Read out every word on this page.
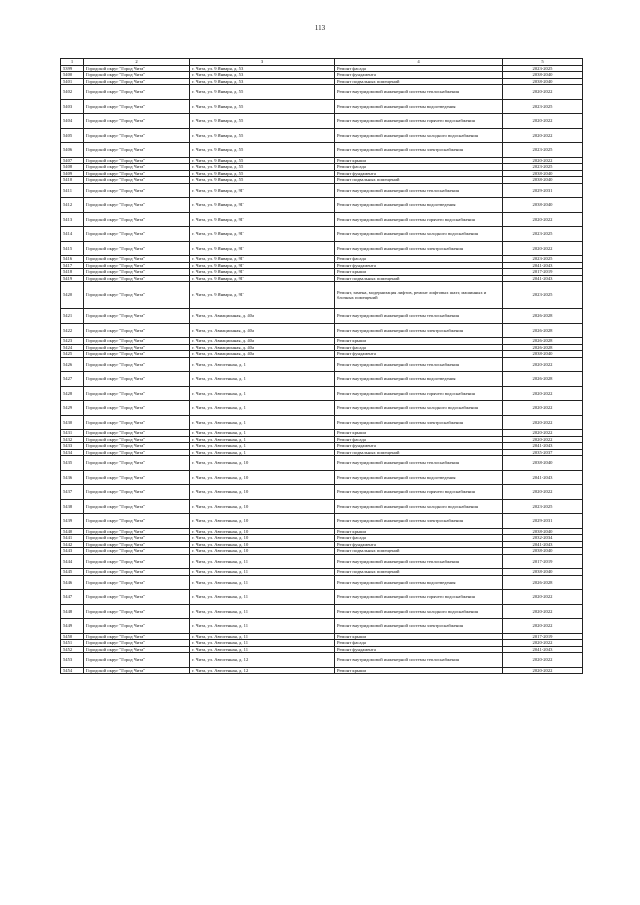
113
1	2	3	4	5
5399	Городской округ "Город Чита"	г. Чита, ул. 9 Января, д. 53	Ремонт фасада	2023-2025
5400	Городской округ "Город Чита"	г. Чита, ул. 9 Января, д. 53	Ремонт фундамента	2038-2040
5401	Городской округ "Город Чита"	г. Чита, ул. 9 Января, д. 53	Ремонт подвальных помещений	2038-2040
5402	Городской округ "Город Чита"	г. Чита, ул. 9 Января, д. 55	Ремонт внутридомовой инженерной системы теплоснабжения	2020-2022
5403	Городской округ "Город Чита"	г. Чита, ул. 9 Января, д. 55	Ремонт внутридомовой инженерной системы водоотведения	2023-2025
5404	Городской округ "Город Чита"	г. Чита, ул. 9 Января, д. 55	Ремонт внутридомовой инженерной системы горячего водоснабжения	2020-2022
5405	Городской округ "Город Чита"	г. Чита, ул. 9 Января, д. 55	Ремонт внутридомовой инженерной системы холодного водоснабжения	2020-2022
5406	Городской округ "Город Чита"	г. Чита, ул. 9 Января, д. 55	Ремонт внутридомовой инженерной системы электроснабжения	2023-2025
5407	Городской округ "Город Чита"	г. Чита, ул. 9 Января, д. 55	Ремонт крыши	2020-2022
5408	Городской округ "Город Чита"	г. Чита, ул. 9 Января, д. 55	Ремонт фасада	2023-2025
5409	Городской округ "Город Чита"	г. Чита, ул. 9 Января, д. 55	Ремонт фундамента	2038-2040
5410	Городской округ "Город Чита"	г. Чита, ул. 9 Января, д. 55	Ремонт подвальных помещений	2038-2040
5411	Городской округ "Город Чита"	г. Чита, ул. 9 Января, д. 9Г	Ремонт внутридомовой инженерной системы теплоснабжения	2029-2031
5412	Городской округ "Город Чита"	г. Чита, ул. 9 Января, д. 9Г	Ремонт внутридомовой инженерной системы водоотведения	2038-2040
5413	Городской округ "Город Чита"	г. Чита, ул. 9 Января, д. 9Г	Ремонт внутридомовой инженерной системы горячего водоснабжения	2020-2022
5414	Городской округ "Город Чита"	г. Чита, ул. 9 Января, д. 9Г	Ремонт внутридомовой инженерной системы холодного водоснабжения	2023-2025
5415	Городской округ "Город Чита"	г. Чита, ул. 9 Января, д. 9Г	Ремонт внутридомовой инженерной системы электроснабжения	2020-2022
5416	Городской округ "Город Чита"	г. Чита, ул. 9 Января, д. 9Г	Ремонт фасада	2023-2025
5417	Городской округ "Город Чита"	г. Чита, ул. 9 Января, д. 9Г	Ремонт фундамента	2041-2043
5418	Городской округ "Город Чита"	г. Чита, ул. 9 Января, д. 9Г	Ремонт крыши	2017-2019
5419	Городской округ "Город Чита"	г. Чита, ул. 9 Января, д. 9Г	Ремонт подвальных помещений	2041-2043
5420	Городской округ "Город Чита"	г. Чита, ул. 9 Января, д. 9Г	Ремонт, замена, модернизация лифтов, ремонт лифтовых шахт, машинных и блочных помещений	2023-2025
5421	Городской округ "Город Чита"	г. Чита, ул. Авиационная, д. 40а	Ремонт внутридомовой инженерной системы теплоснабжения	2026-2028
5422	Городской округ "Город Чита"	г. Чита, ул. Авиационная, д. 40а	Ремонт внутридомовой инженерной системы электроснабжения	2026-2028
5423	Городской округ "Город Чита"	г. Чита, ул. Авиационная, д. 40а	Ремонт крыши	2026-2028
5424	Городской округ "Город Чита"	г. Чита, ул. Авиационная, д. 40а	Ремонт фасада	2026-2028
5425	Городской округ "Город Чита"	г. Чита, ул. Авиационная, д. 40а	Ремонт фундамента	2038-2040
5426	Городской округ "Город Чита"	г. Чита, ул. Автогенная, д. 1	Ремонт внутридомовой инженерной системы теплоснабжения	2020-2022
5427	Городской округ "Город Чита"	г. Чита, ул. Автогенная, д. 1	Ремонт внутридомовой инженерной системы водоотведения	2026-2028
5428	Городской округ "Город Чита"	г. Чита, ул. Автогенная, д. 1	Ремонт внутридомовой инженерной системы горячего водоснабжения	2020-2022
5429	Городской округ "Город Чита"	г. Чита, ул. Автогенная, д. 1	Ремонт внутридомовой инженерной системы холодного водоснабжения	2020-2022
5430	Городской округ "Город Чита"	г. Чита, ул. Автогенная, д. 1	Ремонт внутридомовой инженерной системы электроснабжения	2020-2022
5431	Городской округ "Город Чита"	г. Чита, ул. Автогенная, д. 1	Ремонт крыши	2020-2022
5432	Городской округ "Город Чита"	г. Чита, ул. Автогенная, д. 1	Ремонт фасада	2020-2022
5433	Городской округ "Город Чита"	г. Чита, ул. Автогенная, д. 1	Ремонт фундамента	2041-2043
5434	Городской округ "Город Чита"	г. Чита, ул. Автогенная, д. 1	Ремонт подвальных помещений	2035-2037
5435	Городской округ "Город Чита"	г. Чита, ул. Автогенная, д. 10	Ремонт внутридомовой инженерной системы теплоснабжения	2038-2040
5436	Городской округ "Город Чита"	г. Чита, ул. Автогенная, д. 10	Ремонт внутридомовой инженерной системы водоотведения	2041-2043
5437	Городской округ "Город Чита"	г. Чита, ул. Автогенная, д. 10	Ремонт внутридомовой инженерной системы горячего водоснабжения	2020-2022
5438	Городской округ "Город Чита"	г. Чита, ул. Автогенная, д. 10	Ремонт внутридомовой инженерной системы холодного водоснабжения	2023-2025
5439	Городской округ "Город Чита"	г. Чита, ул. Автогенная, д. 10	Ремонт внутридомовой инженерной системы электроснабжения	2029-2031
5440	Городской округ "Город Чита"	г. Чита, ул. Автогенная, д. 10	Ремонт крыши	2038-2040
5441	Городской округ "Город Чита"	г. Чита, ул. Автогенная, д. 10	Ремонт фасада	2032-2034
5442	Городской округ "Город Чита"	г. Чита, ул. Автогенная, д. 10	Ремонт фундамента	2041-2043
5443	Городской округ "Город Чита"	г. Чита, ул. Автогенная, д. 10	Ремонт подвальных помещений	2038-2040
5444	Городской округ "Город Чита"	г. Чита, ул. Автогенная, д. 11	Ремонт внутридомовой инженерной системы теплоснабжения	2017-2019
5445	Городской округ "Город Чита"	г. Чита, ул. Автогенная, д. 11	Ремонт подвальных помещений	2038-2040
5446	Городской округ "Город Чита"	г. Чита, ул. Автогенная, д. 11	Ремонт внутридомовой инженерной системы водоотведения	2026-2028
5447	Городской округ "Город Чита"	г. Чита, ул. Автогенная, д. 11	Ремонт внутридомовой инженерной системы горячего водоснабжения	2020-2022
5448	Городской округ "Город Чита"	г. Чита, ул. Автогенная, д. 11	Ремонт внутридомовой инженерной системы холодного водоснабжения	2020-2022
5449	Городской округ "Город Чита"	г. Чита, ул. Автогенная, д. 11	Ремонт внутридомовой инженерной системы электроснабжения	2020-2022
5450	Городской округ "Город Чита"	г. Чита, ул. Автогенная, д. 11	Ремонт крыши	2017-2019
5451	Городской округ "Город Чита"	г. Чита, ул. Автогенная, д. 11	Ремонт фасада	2020-2022
5452	Городской округ "Город Чита"	г. Чита, ул. Автогенная, д. 11	Ремонт фундамента	2041-2043
5453	Городской округ "Город Чита"	г. Чита, ул. Автогенная, д. 12	Ремонт внутридомовой инженерной системы теплоснабжения	2020-2022
5454	Городской округ "Город Чита"	г. Чита, ул. Автогенная, д. 12	Ремонт крыши	2020-2022
